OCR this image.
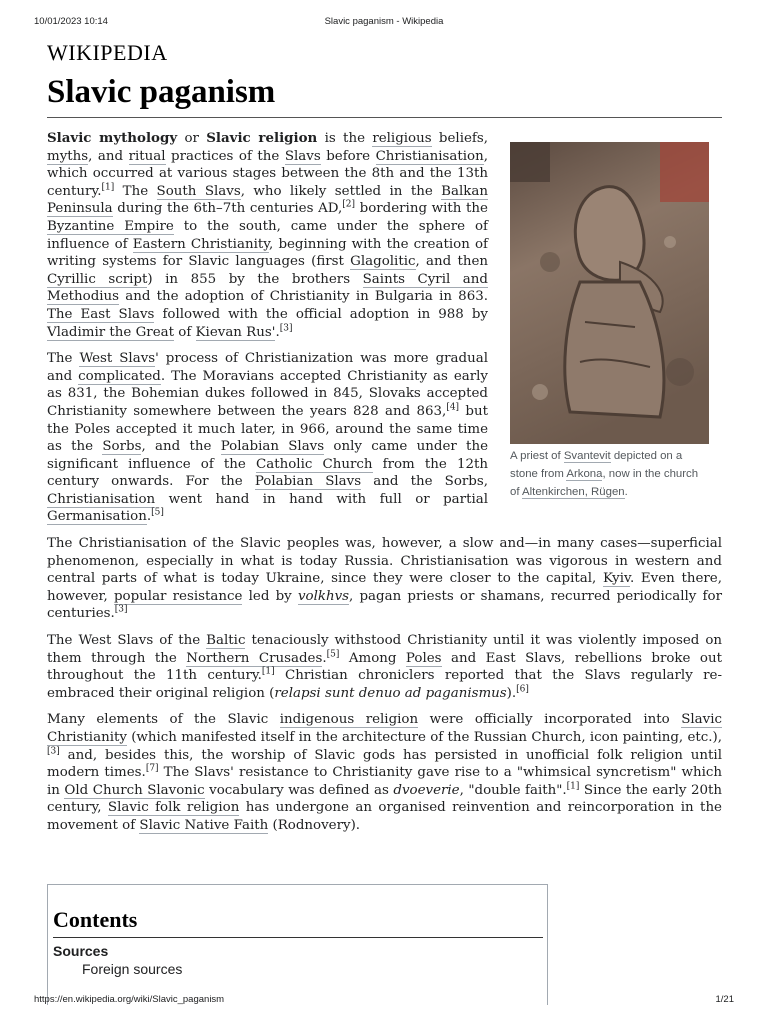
10/01/2023 10:14	Slavic paganism - Wikipedia
WIKIPEDIA
Slavic paganism
A priest of Svantevit depicted on a stone from Arkona, now in the church of Altenkirchen, Rügen.

Slavic mythology or Slavic religion is the religious beliefs, myths, and ritual practices of the Slavs before Christianisation, which occurred at various stages between the 8th and the 13th century.[1] The South Slavs, who likely settled in the Balkan Peninsula during the 6th–7th centuries AD,[2] bordering with the Byzantine Empire to the south, came under the sphere of influence of Eastern Christianity, beginning with the creation of writing systems for Slavic languages (first Glagolitic, and then Cyrillic script) in 855 by the brothers Saints Cyril and Methodius and the adoption of Christianity in Bulgaria in 863. The East Slavs followed with the official adoption in 988 by Vladimir the Great of Kievan Rus'.[3]

The West Slavs' process of Christianization was more gradual and complicated. The Moravians accepted Christianity as early as 831, the Bohemian dukes followed in 845, Slovaks accepted Christianity somewhere between the years 828 and 863,[4] but the Poles accepted it much later, in 966, around the same time as the Sorbs, and the Polabian Slavs only came under the significant influence of the Catholic Church from the 12th century onwards. For the Polabian Slavs and the Sorbs, Christianisation went hand in hand with full or partial Germanisation.[5]

The Christianisation of the Slavic peoples was, however, a slow and—in many cases—superficial phenomenon, especially in what is today Russia. Christianisation was vigorous in western and central parts of what is today Ukraine, since they were closer to the capital, Kyiv. Even there, however, popular resistance led by volkhvs, pagan priests or shamans, recurred periodically for centuries.[3]

The West Slavs of the Baltic tenaciously withstood Christianity until it was violently imposed on them through the Northern Crusades.[5] Among Poles and East Slavs, rebellions broke out throughout the 11th century.[1] Christian chroniclers reported that the Slavs regularly re-embraced their original religion (relapsi sunt denuo ad paganismus).[6]

Many elements of the Slavic indigenous religion were officially incorporated into Slavic Christianity (which manifested itself in the architecture of the Russian Church, icon painting, etc.),[3] and, besides this, the worship of Slavic gods has persisted in unofficial folk religion until modern times.[7] The Slavs' resistance to Christianity gave rise to a "whimsical syncretism" which in Old Church Slavonic vocabulary was defined as dvoeverie, "double faith".[1] Since the early 20th century, Slavic folk religion has undergone an organised reinvention and reincorporation in the movement of Slavic Native Faith (Rodnovery).

Contents
Sources
Foreign sources
https://en.wikipedia.org/wiki/Slavic_paganism	1/21
